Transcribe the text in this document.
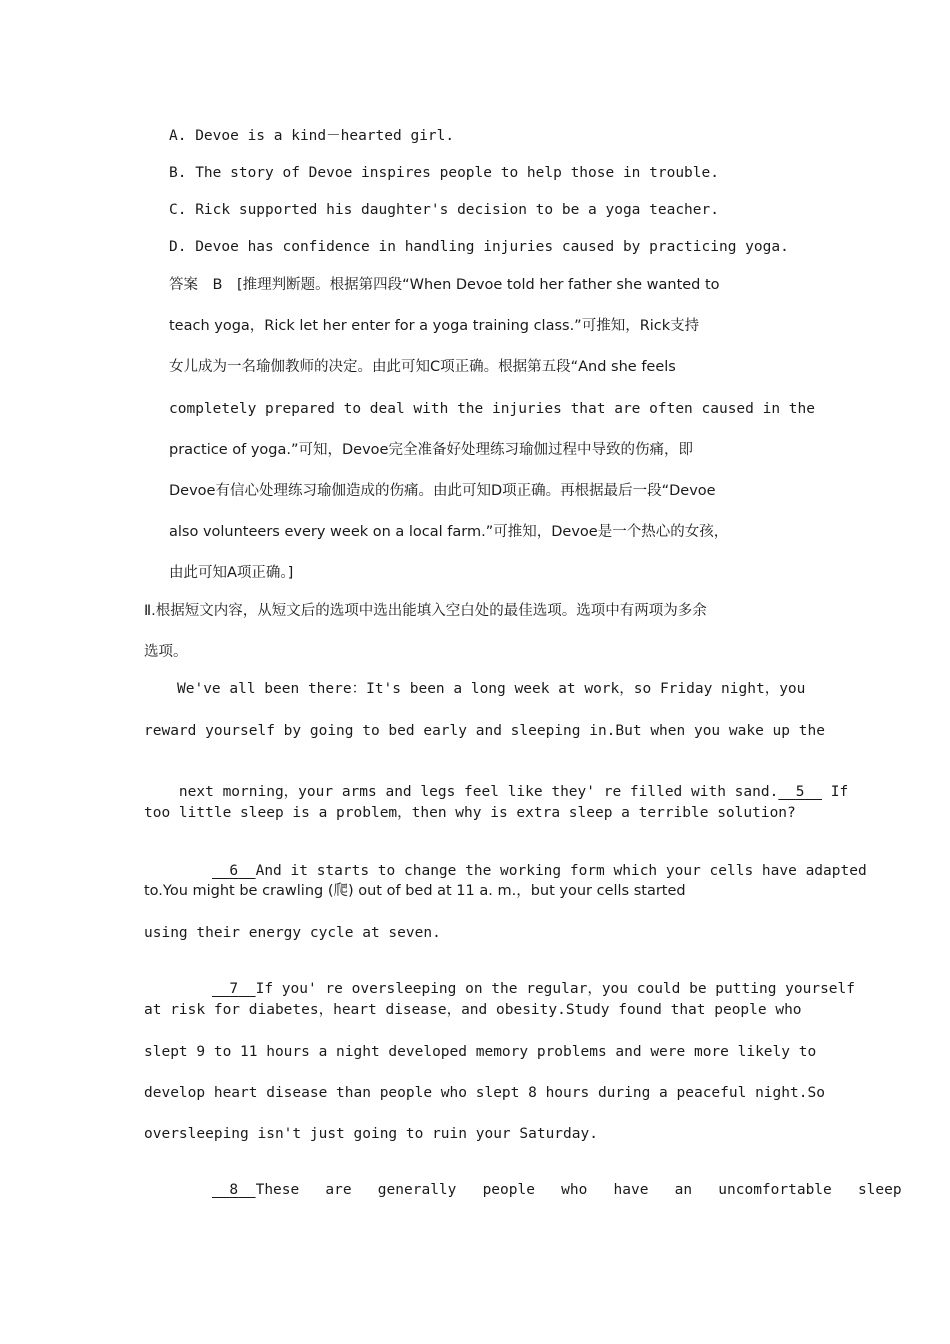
A. Devoe is a kind－hearted girl.
B. The story of Devoe inspires people to help those in trouble.
C. Rick supported his daughter's decision to be a yoga teacher.
D. Devoe has confidence in handling injuries caused by practicing yoga.
答案　B　[推理判断题。根据第四段“When Devoe told her father she wanted to
teach yoga，Rick let her enter for a yoga training class.”可推知，Rick支持
女儿成为一名瑜伽教师的决定。由此可知C项正确。根据第五段“And she feels
completely prepared to deal with the injuries that are often caused in the
practice of yoga.”可知，Devoe完全准备好处理练习瑜伽过程中导致的伤痛，即
Devoe有信心处理练习瑜伽造成的伤痛。由此可知D项正确。再根据最后一段“Devoe
also volunteers every week on a local farm.”可推知，Devoe是一个热心的女孩，
由此可知A项正确。]
Ⅱ.根据短文内容，从短文后的选项中选出能填入空白处的最佳选项。选项中有两项为多余
选项。
We've all been there：It's been a long week at work，so Friday night，you
reward yourself by going to bed early and sleeping in.But when you wake up the

next morning，your arms and legs feel like they' re filled with sand. 5 If

too little sleep is a problem，then why is extra sleep a terrible solution?

6 And it starts to change the working form which your cells have adapted

to.You might be crawling (爬) out of bed at 11 a. m.，but your cells started
using their energy cycle at seven.

7 If you' re oversleeping on the regular，you could be putting yourself

at risk for diabetes，heart disease，and obesity.Study found that people who
slept 9 to 11 hours a night developed memory problems and were more likely to
develop heart disease than people who slept 8 hours during a peaceful night.So
oversleeping isn't just going to ruin your Saturday.

8 These   are   generally   people   who   have   an   uncomfortable   sleep
